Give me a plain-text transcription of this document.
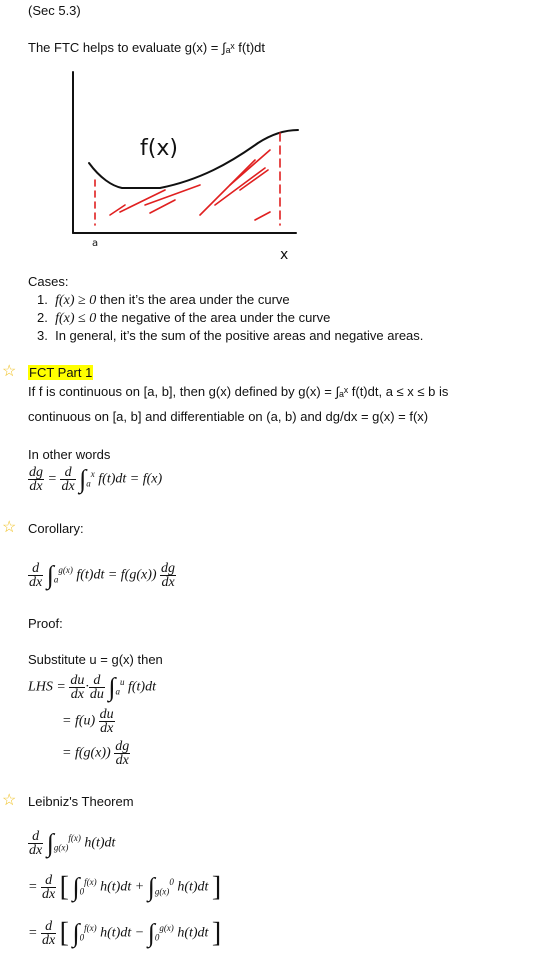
(Sec 5.3)
The FTC helps to evaluate g(x) = ∫ₐˣ f(t)dt
f(x)
a
x
Cases:
1. f(x) ≥ 0 then it’s the area under the curve
2. f(x) ≤ 0 the negative of the area under the curve
3. In general, it’s the sum of the positive areas and negative areas.
☆ FCT Part 1
If f is continuous on [a, b], then g(x) defined by g(x) = ∫ₐˣ f(t)dt, a ≤ x ≤ b is
continuous on [a, b] and differentiable on (a, b) and dg/dx = g(x) = f(x)
In other words
$\frac{dg}{dx} = \frac{d}{dx} \int_a^x$ f(t)dt = f(x)
☆ Corollary:
$\frac{d}{dx} \int_a^{g(x)}$ $f(t)dt = f(g(x)) \frac{dg}{dx}$
Proof:
Substitute u = g(x) then
LHS = $\frac{du}{dx} \cdot \frac{d}{du} \int_a^u$ f(t)dt
= $f(u) \frac{du}{dx}$
= $f(g(x)) \frac{dg}{dx}$
☆ Leibniz's Theorem
$\frac{d}{dx} \int_{g(x)}^{f(x)}$ h(t)dt
= $\frac{d}{dx}$ [ $\int_0^{f(x)}$ $h(t)dt + \int_{g(x)}^0$ h(t)dt ]
= $\frac{d}{dx}$ [ $\int_0^{f(x)}$ $h(t)dt - \int_0^{g(x)}$ h(t)dt ]
